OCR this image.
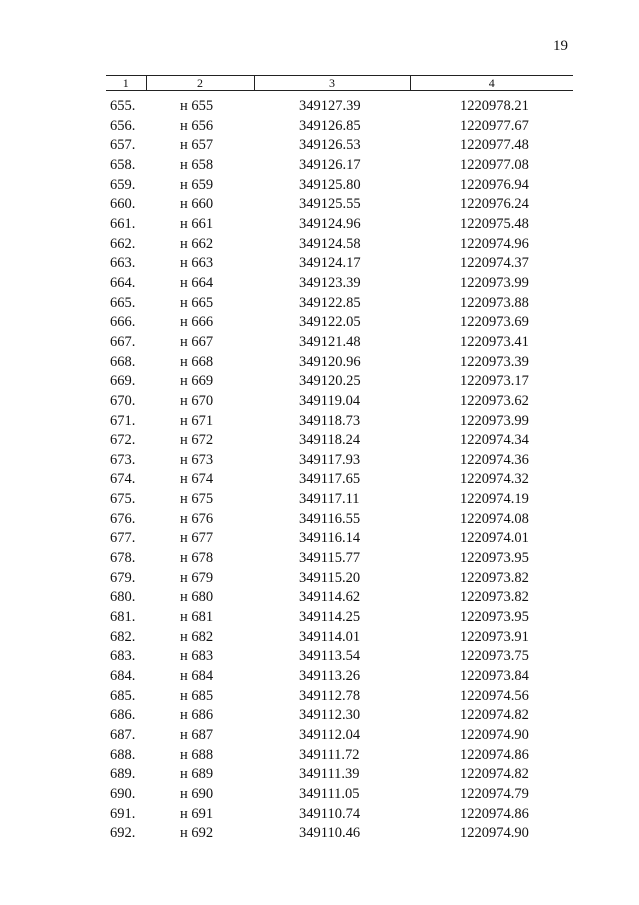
19
1	2	3	4
655.	н 655	349127.39	1220978.21
656.	н 656	349126.85	1220977.67
657.	н 657	349126.53	1220977.48
658.	н 658	349126.17	1220977.08
659.	н 659	349125.80	1220976.94
660.	н 660	349125.55	1220976.24
661.	н 661	349124.96	1220975.48
662.	н 662	349124.58	1220974.96
663.	н 663	349124.17	1220974.37
664.	н 664	349123.39	1220973.99
665.	н 665	349122.85	1220973.88
666.	н 666	349122.05	1220973.69
667.	н 667	349121.48	1220973.41
668.	н 668	349120.96	1220973.39
669.	н 669	349120.25	1220973.17
670.	н 670	349119.04	1220973.62
671.	н 671	349118.73	1220973.99
672.	н 672	349118.24	1220974.34
673.	н 673	349117.93	1220974.36
674.	н 674	349117.65	1220974.32
675.	н 675	349117.11	1220974.19
676.	н 676	349116.55	1220974.08
677.	н 677	349116.14	1220974.01
678.	н 678	349115.77	1220973.95
679.	н 679	349115.20	1220973.82
680.	н 680	349114.62	1220973.82
681.	н 681	349114.25	1220973.95
682.	н 682	349114.01	1220973.91
683.	н 683	349113.54	1220973.75
684.	н 684	349113.26	1220973.84
685.	н 685	349112.78	1220974.56
686.	н 686	349112.30	1220974.82
687.	н 687	349112.04	1220974.90
688.	н 688	349111.72	1220974.86
689.	н 689	349111.39	1220974.82
690.	н 690	349111.05	1220974.79
691.	н 691	349110.74	1220974.86
692.	н 692	349110.46	1220974.90
